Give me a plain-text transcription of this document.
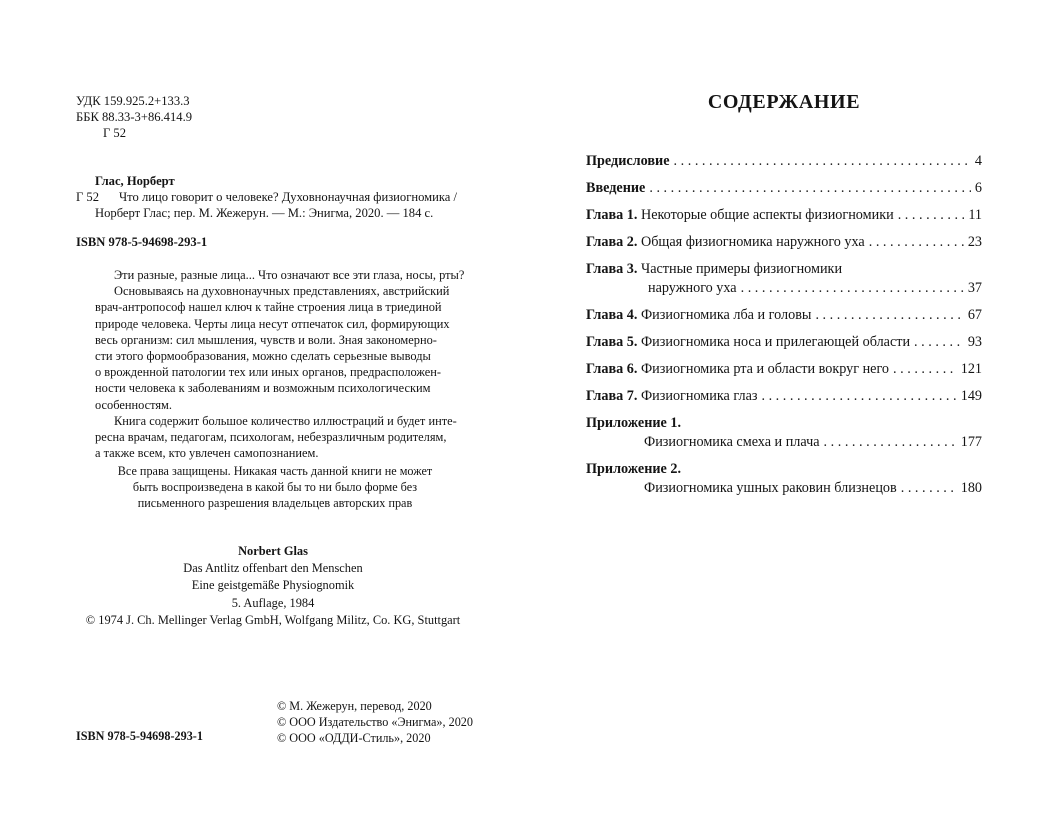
УДК 159.925.2+133.3
ББК 88.33-3+86.414.9
Г 52
Глас, Норберт
Г 52 Что лицо говорит о человеке? Духовнонаучная физиогномика /
Норберт Глас; пер. М. Жежерун. — М.: Энигма, 2020. — 184 с.
ISBN 978-5-94698-293-1

Эти разные, разные лица... Что означают все эти глаза, носы, рты?
Основываясь на духовнонаучных представлениях, австрийский
врач-антропософ нашел ключ к тайне строения лица в триединой
природе человека. Черты лица несут отпечаток сил, формирующих
весь организм: сил мышления, чувств и воли. Зная закономерно-
сти этого формообразования, можно сделать серьезные выводы
о врожденной патологии тех или иных органов, предрасположен-
ности человека к заболеваниям и возможным психологическим
особенностям.
Книга содержит большое количество иллюстраций и будет инте-
ресна врачам, педагогам, психологам, небезразличным родителям,
а также всем, кто увлечен самопознанием.

Все права защищены. Никакая часть данной книги не может
быть воспроизведена в какой бы то ни было форме без
письменного разрешения владельцев авторских прав
Norbert Glas
Das Antlitz offenbart den Menschen
Eine geistgemäße Physiognomik
5. Auflage, 1984
© 1974 J. Ch. Mellinger Verlag GmbH, Wolfgang Militz, Co. KG, Stuttgart
ISBN 978-5-94698-293-1
© М. Жежерун, перевод, 2020
© ООО Издательство «Энигма», 2020
© ООО «ОДДИ-Стиль», 2020
СОДЕРЖАНИЕ
Предисловие . . .	4
Введение . . .	6
Глава 1. Некоторые общие аспекты физиогномики . . .	11
Глава 2. Общая физиогномика наружного уха . . .	23
Глава 3. Частные примеры физиогномики
наружного уха . . .	37
Глава 4. Физиогномика лба и головы . . .	67
Глава 5. Физиогномика носа и прилегающей области . . .	93
Глава 6. Физиогномика рта и области вокруг него . . .	121
Глава 7. Физиогномика глаз . . .	149
Приложение 1.
Физиогномика смеха и плача . . .	177
Приложение 2.
Физиогномика ушных раковин близнецов . . .	180
